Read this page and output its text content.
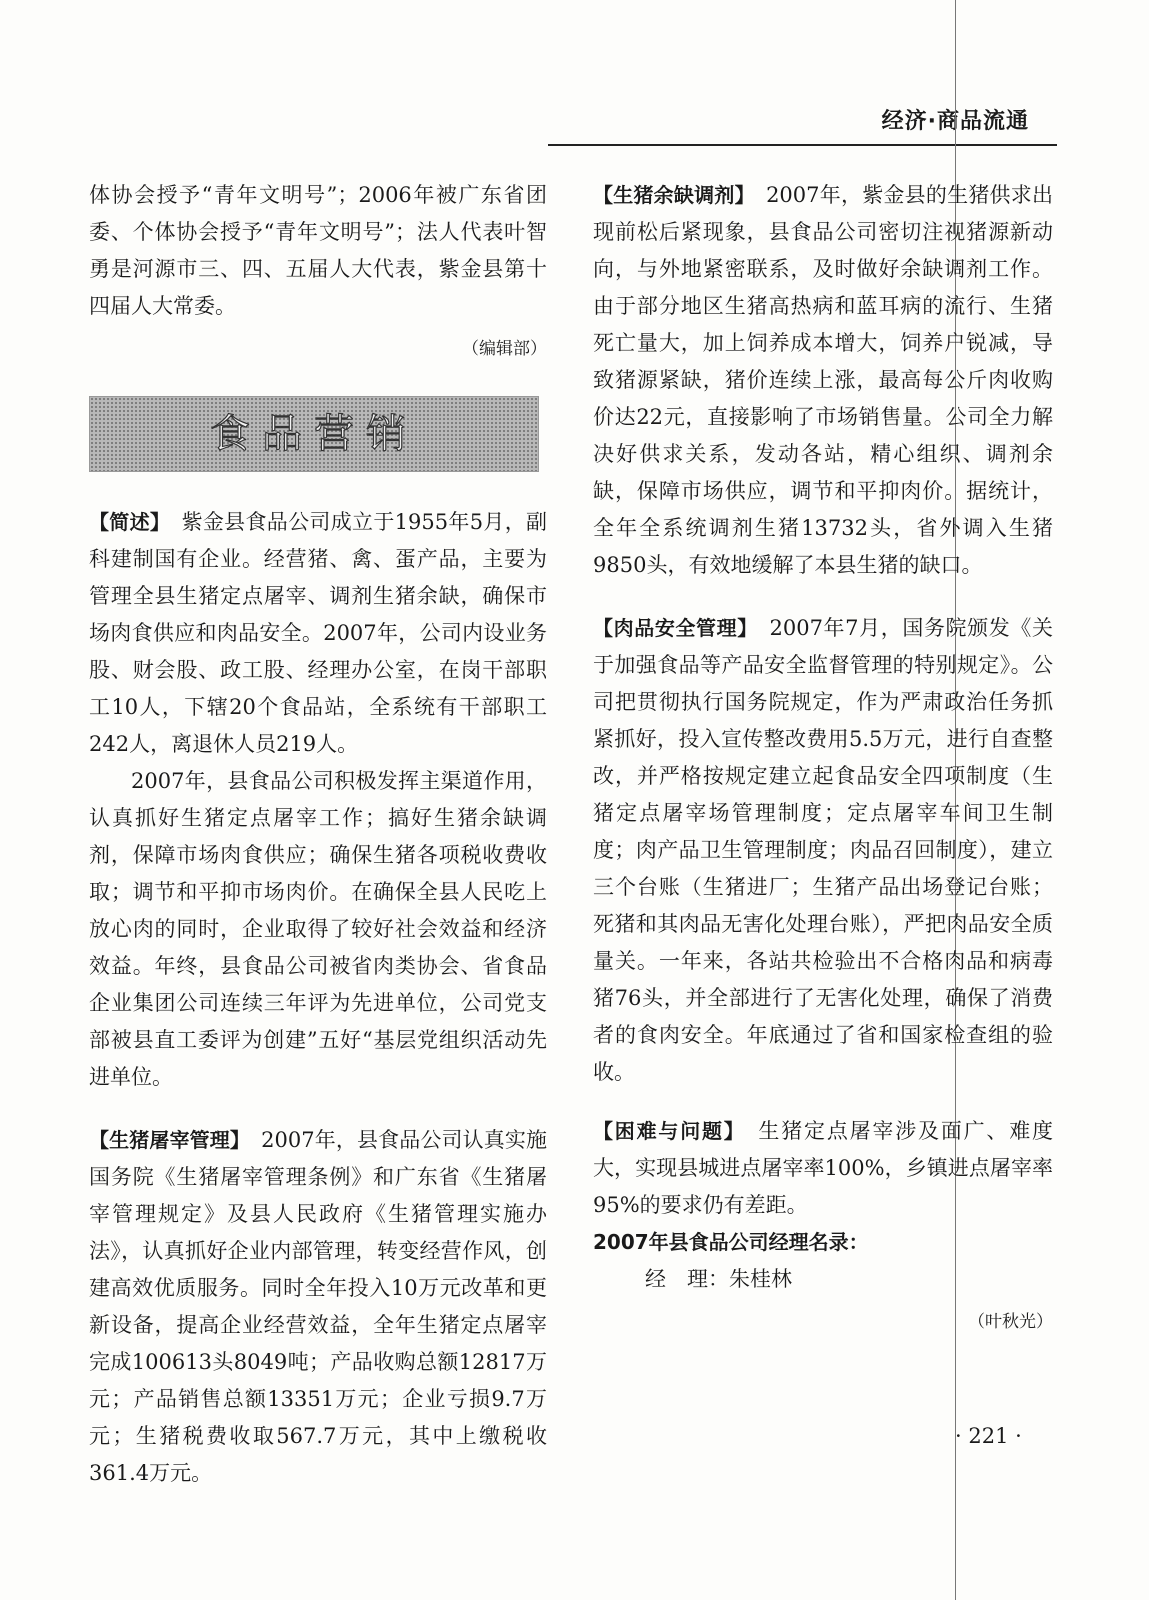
经济·商品流通

体协会授予“青年文明号”；2006年被广东省团委、个体协会授予“青年文明号”；法人代表叶智勇是河源市三、四、五届人大代表，紫金县第十四届人大常委。

（编辑部）
食品营销

【简述】　 紫金县食品公司成立于1955年5月，副科建制国有企业。经营猪、禽、蛋产品，主要为管理全县生猪定点屠宰、调剂生猪余缺，确保市场肉食供应和肉品安全。2007年，公司内设业务股、财会股、政工股、经理办公室，在岗干部职工10人，下辖20个食品站，全系统有干部职工242人，离退休人员219人。

2007年，县食品公司积极发挥主渠道作用，认真抓好生猪定点屠宰工作；搞好生猪余缺调剂，保障市场肉食供应；确保生猪各项税收费收取；调节和平抑市场肉价。在确保全县人民吃上放心肉的同时，企业取得了较好社会效益和经济效益。年终，县食品公司被省肉类协会、省食品企业集团公司连续三年评为先进单位，公司党支部被县直工委评为创建”五好“基层党组织活动先进单位。

【生猪屠宰管理】　 2007年，县食品公司认真实施国务院《生猪屠宰管理条例》和广东省《生猪屠宰管理规定》及县人民政府《生猪管理实施办法》，认真抓好企业内部管理，转变经营作风，创建高效优质服务。同时全年投入10万元改革和更新设备，提高企业经营效益，全年生猪定点屠宰完成100613头8049吨；产品收购总额12817万元；产品销售总额13351万元；企业亏损9.7万元；生猪税费收取567.7万元，其中上缴税收361.4万元。

【生猪余缺调剂】　 2007年，紫金县的生猪供求出现前松后紧现象，县食品公司密切注视猪源新动向，与外地紧密联系，及时做好余缺调剂工作。由于部分地区生猪高热病和蓝耳病的流行、生猪死亡量大，加上饲养成本增大，饲养户锐减，导致猪源紧缺，猪价连续上涨，最高每公斤肉收购价达22元，直接影响了市场销售量。公司全力解决好供求关系，发动各站，精心组织、调剂余缺，保障市场供应，调节和平抑肉价。据统计，全年全系统调剂生猪13732头，省外调入生猪9850头，有效地缓解了本县生猪的缺口。

【肉品安全管理】　 2007年7月，国务院颁发《关于加强食品等产品安全监督管理的特别规定》。公司把贯彻执行国务院规定，作为严肃政治任务抓紧抓好，投入宣传整改费用5.5万元，进行自查整改，并严格按规定建立起食品安全四项制度（生猪定点屠宰场管理制度；定点屠宰车间卫生制度；肉产品卫生管理制度；肉品召回制度），建立三个台账（生猪进厂；生猪产品出场登记台账；死猪和其肉品无害化处理台账），严把肉品安全质量关。一年来，各站共检验出不合格肉品和病毒猪76头，并全部进行了无害化处理，确保了消费者的食肉安全。年底通过了省和国家检查组的验收。

【困难与问题】　 生猪定点屠宰涉及面广、难度大，实现县城进点屠宰率100%，乡镇进点屠宰率95%的要求仍有差距。

2007年县食品公司经理名录：

经　理：朱桂林

（叶秋光）
· 221 ·
